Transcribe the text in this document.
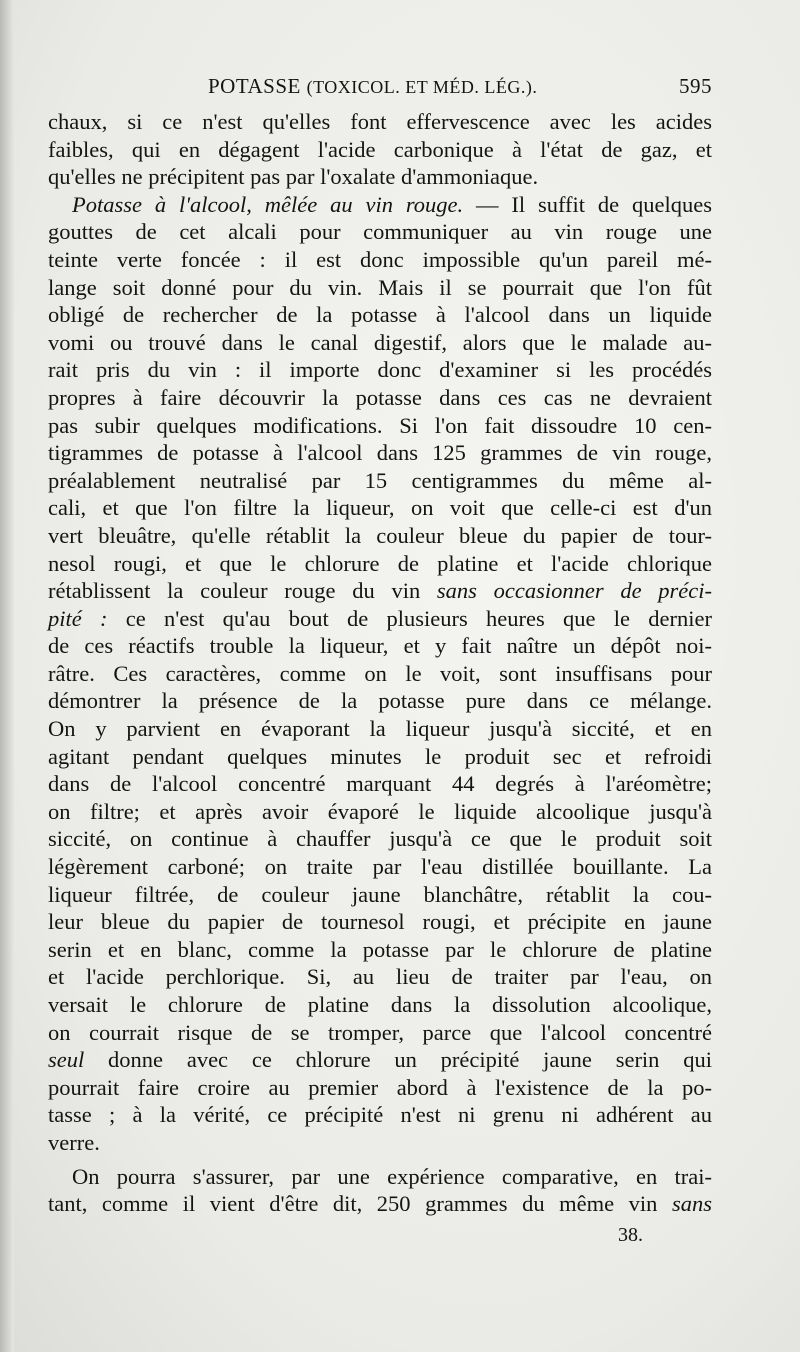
POTASSE (TOXICOL. ET MÉD. LÉG.).	595
chaux, si ce n'est qu'elles font effervescence avec les acides
faibles, qui en dégagent l'acide carbonique à l'état de gaz, et
qu'elles ne précipitent pas par l'oxalate d'ammoniaque.
Potasse à l'alcool, mêlée au vin rouge. — Il suffit de quelques
gouttes de cet alcali pour communiquer au vin rouge une
teinte verte foncée : il est donc impossible qu'un pareil mé-
lange soit donné pour du vin. Mais il se pourrait que l'on fût
obligé de rechercher de la potasse à l'alcool dans un liquide
vomi ou trouvé dans le canal digestif, alors que le malade au-
rait pris du vin : il importe donc d'examiner si les procédés
propres à faire découvrir la potasse dans ces cas ne devraient
pas subir quelques modifications. Si l'on fait dissoudre 10 cen-
tigrammes de potasse à l'alcool dans 125 grammes de vin rouge,
préalablement neutralisé par 15 centigrammes du même al-
cali, et que l'on filtre la liqueur, on voit que celle-ci est d'un
vert bleuâtre, qu'elle rétablit la couleur bleue du papier de tour-
nesol rougi, et que le chlorure de platine et l'acide chlorique
rétablissent la couleur rouge du vin sans occasionner de préci-
pité : ce n'est qu'au bout de plusieurs heures que le dernier
de ces réactifs trouble la liqueur, et y fait naître un dépôt noi-
râtre. Ces caractères, comme on le voit, sont insuffisans pour
démontrer la présence de la potasse pure dans ce mélange.
On y parvient en évaporant la liqueur jusqu'à siccité, et en
agitant pendant quelques minutes le produit sec et refroidi
dans de l'alcool concentré marquant 44 degrés à l'aréomètre;
on filtre; et après avoir évaporé le liquide alcoolique jusqu'à
siccité, on continue à chauffer jusqu'à ce que le produit soit
légèrement carboné; on traite par l'eau distillée bouillante. La
liqueur filtrée, de couleur jaune blanchâtre, rétablit la cou-
leur bleue du papier de tournesol rougi, et précipite en jaune
serin et en blanc, comme la potasse par le chlorure de platine
et l'acide perchlorique. Si, au lieu de traiter par l'eau, on
versait le chlorure de platine dans la dissolution alcoolique,
on courrait risque de se tromper, parce que l'alcool concentré
seul donne avec ce chlorure un précipité jaune serin qui
pourrait faire croire au premier abord à l'existence de la po-
tasse ; à la vérité, ce précipité n'est ni grenu ni adhérent au
verre.
On pourra s'assurer, par une expérience comparative, en trai-
tant, comme il vient d'être dit, 250 grammes du même vin sans
38.
